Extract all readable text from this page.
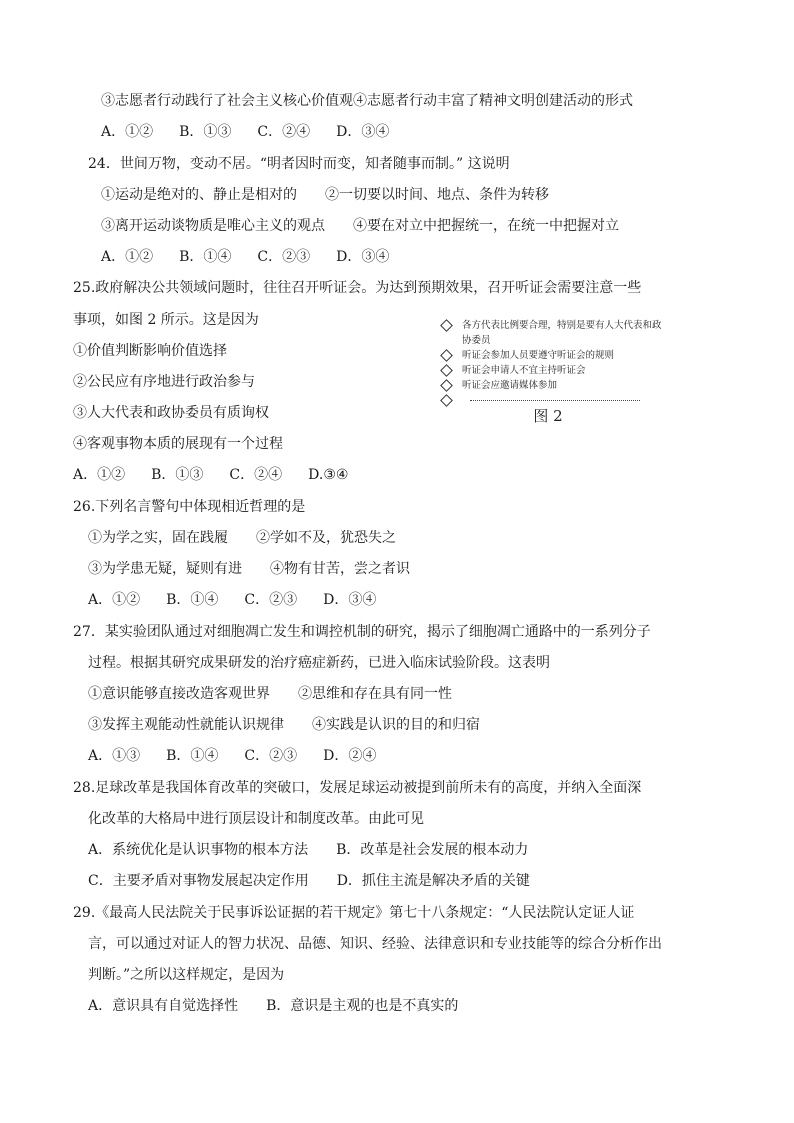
③志愿者行动践行了社会主义核心价值观④志愿者行动丰富了精神文明创建活动的形式
A．①② B．①③ C．②④ D．③④
24．世间万物，变动不居。“明者因时而变，知者随事而制。” 这说明
①运动是绝对的、静止是相对的　　②一切要以时间、地点、条件为转移
③离开运动谈物质是唯心主义的观点　　④要在对立中把握统一，在统一中把握对立
A．①② B．①④ C．②③ D．③④
25.政府解决公共领域问题时，往往召开听证会。为达到预期效果，召开听证会需要注意一些
事项，如图 2 所示。这是因为
①价值判断影响价值选择
②公民应有序地进行政治参与
③人大代表和政协委员有质询权
④客观事物本质的展现有一个过程
A．①② B．①③ C．②④ D.③④
各方代表比例要合理，特别是要有人大代表和政协委员
听证会参加人员要遵守听证会的规则
听证会申请人不宜主持听证会
听证会应邀请媒体参加
图 2
26.下列名言警句中体现相近哲理的是
①为学之实，固在践履　　②学如不及，犹恐失之
③为学患无疑，疑则有进　　④物有甘苦，尝之者识
A．①② B．①④ C．②③ D．③④
27．某实验团队通过对细胞凋亡发生和调控机制的研究，揭示了细胞凋亡通路中的一系列分子
过程。根据其研究成果研发的治疗癌症新药，已进入临床试验阶段。这表明
①意识能够直接改造客观世界　　②思维和存在具有同一性
③发挥主观能动性就能认识规律　　④实践是认识的目的和归宿
A．①③ B．①④ C．②③ D．②④
28.足球改革是我国体育改革的突破口，发展足球运动被提到前所未有的高度，并纳入全面深
化改革的大格局中进行顶层设计和制度改革。由此可见
A．系统优化是认识事物的根本方法　　B．改革是社会发展的根本动力
C．主要矛盾对事物发展起决定作用　　D．抓住主流是解决矛盾的关键
29.《最高人民法院关于民事诉讼证据的若干规定》第七十八条规定：“人民法院认定证人证
言，可以通过对证人的智力状况、品德、知识、经验、法律意识和专业技能等的综合分析作出
判断。”之所以这样规定，是因为
A．意识具有自觉选择性　　B．意识是主观的也是不真实的
